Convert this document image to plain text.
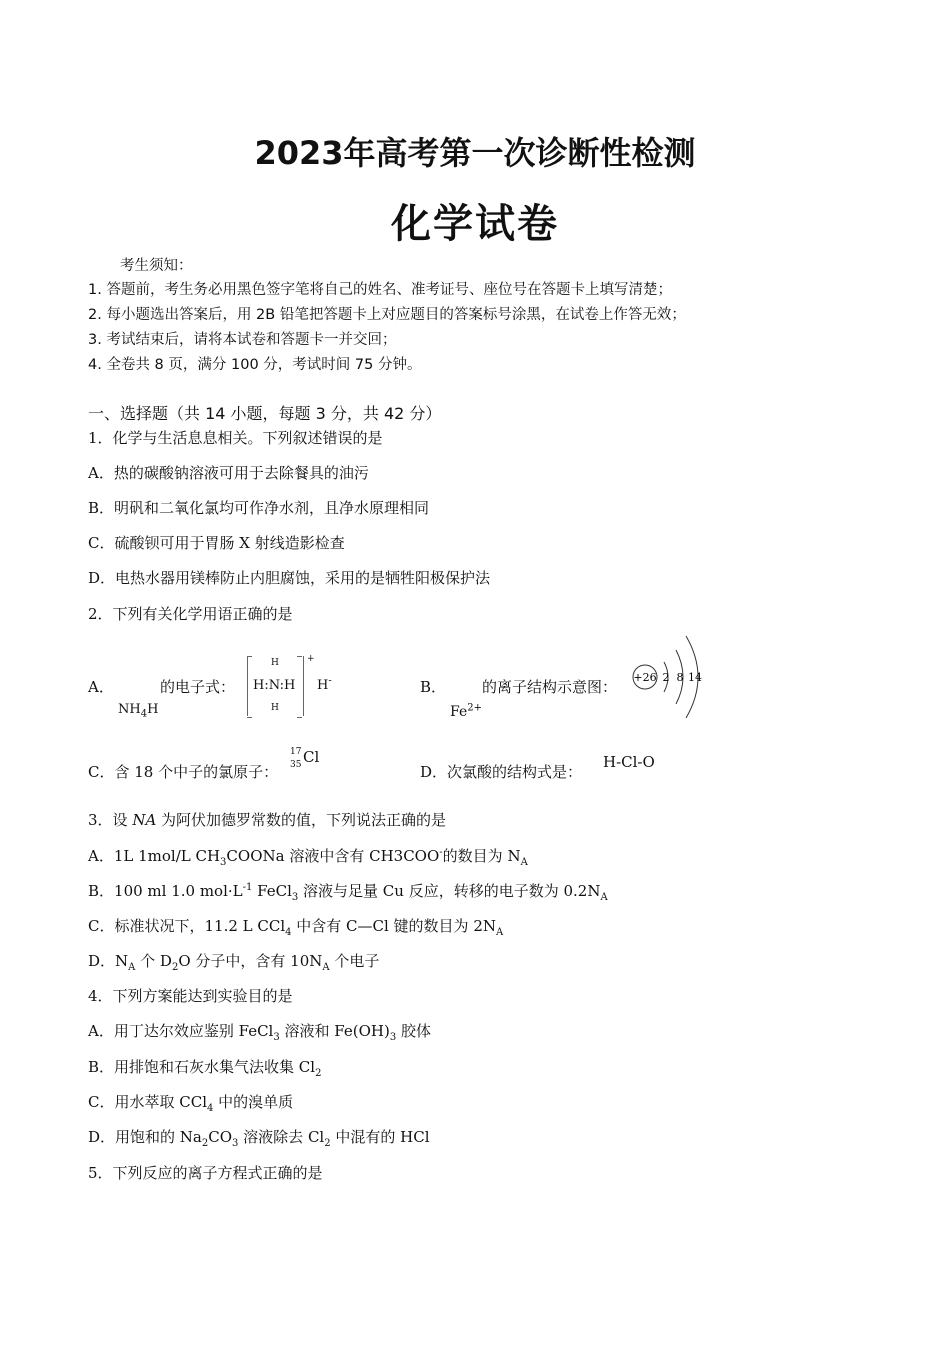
2023年高考第一次诊断性检测
化学试卷
考生须知：
1. 答题前，考生务必用黑色签字笔将自己的姓名、准考证号、座位号在答题卡上填写清楚；
2. 每小题选出答案后，用 2B 铅笔把答题卡上对应题目的答案标号涂黑，在试卷上作答无效；
3. 考试结束后，请将本试卷和答题卡一并交回；
4. 全卷共 8 页，满分 100 分，考试时间 75 分钟。
一、选择题（共 14 小题，每题 3 分，共 42 分）
1．化学与生活息息相关。下列叙述错误的是
A．热的碳酸钠溶液可用于去除餐具的油污
B．明矾和二氧化氯均可作净水剂，且净水原理相同
C．硫酸钡可用于胃肠 X 射线造影检查
D．电热水器用镁棒防止内胆腐蚀，采用的是牺牲阳极保护法
2．下列有关化学用语正确的是
A．	的电子式：
$NH_4H$
H
H:N:H
H
+
H-	B． 的离子结构示意图：
$Fe^{2+}$
+26 2 8 14
C．含 18 个中子的氯原子：
17
35 Cl
D．次氯酸的结构式是：
H-Cl-O
3．设 NA 为阿伏加德罗常数的值，下列说法正确的是
A．1L 1mol/L $CH_3COONa$ 溶液中含有 CH3COO-的数目为 $N_A$
B．100 ml 1.0 $mol\cdot L^{-1}$ FeCl$_3$ 溶液与足量 Cu 反应，转移的电子数为 $0.2N_A$
C．标准状况下，11.2 L CCl$_4$ 中含有 C—Cl 键的数目为 $2N_A$
D．$N_A$ 个 $D_2O$ 分子中，含有 $10N_A$ 个电子
4．下列方案能达到实验目的是
A．用丁达尔效应鉴别 FeCl$_3$ 溶液和 $Fe(OH)_3$ 胶体
B．用排饱和石灰水集气法收集 $Cl_2$
C．用水萃取 CCl$_4$ 中的溴单质
D．用饱和的 $Na_2CO_3$ 溶液除去 $Cl_2$ 中混有的 HCl
5．下列反应的离子方程式正确的是
